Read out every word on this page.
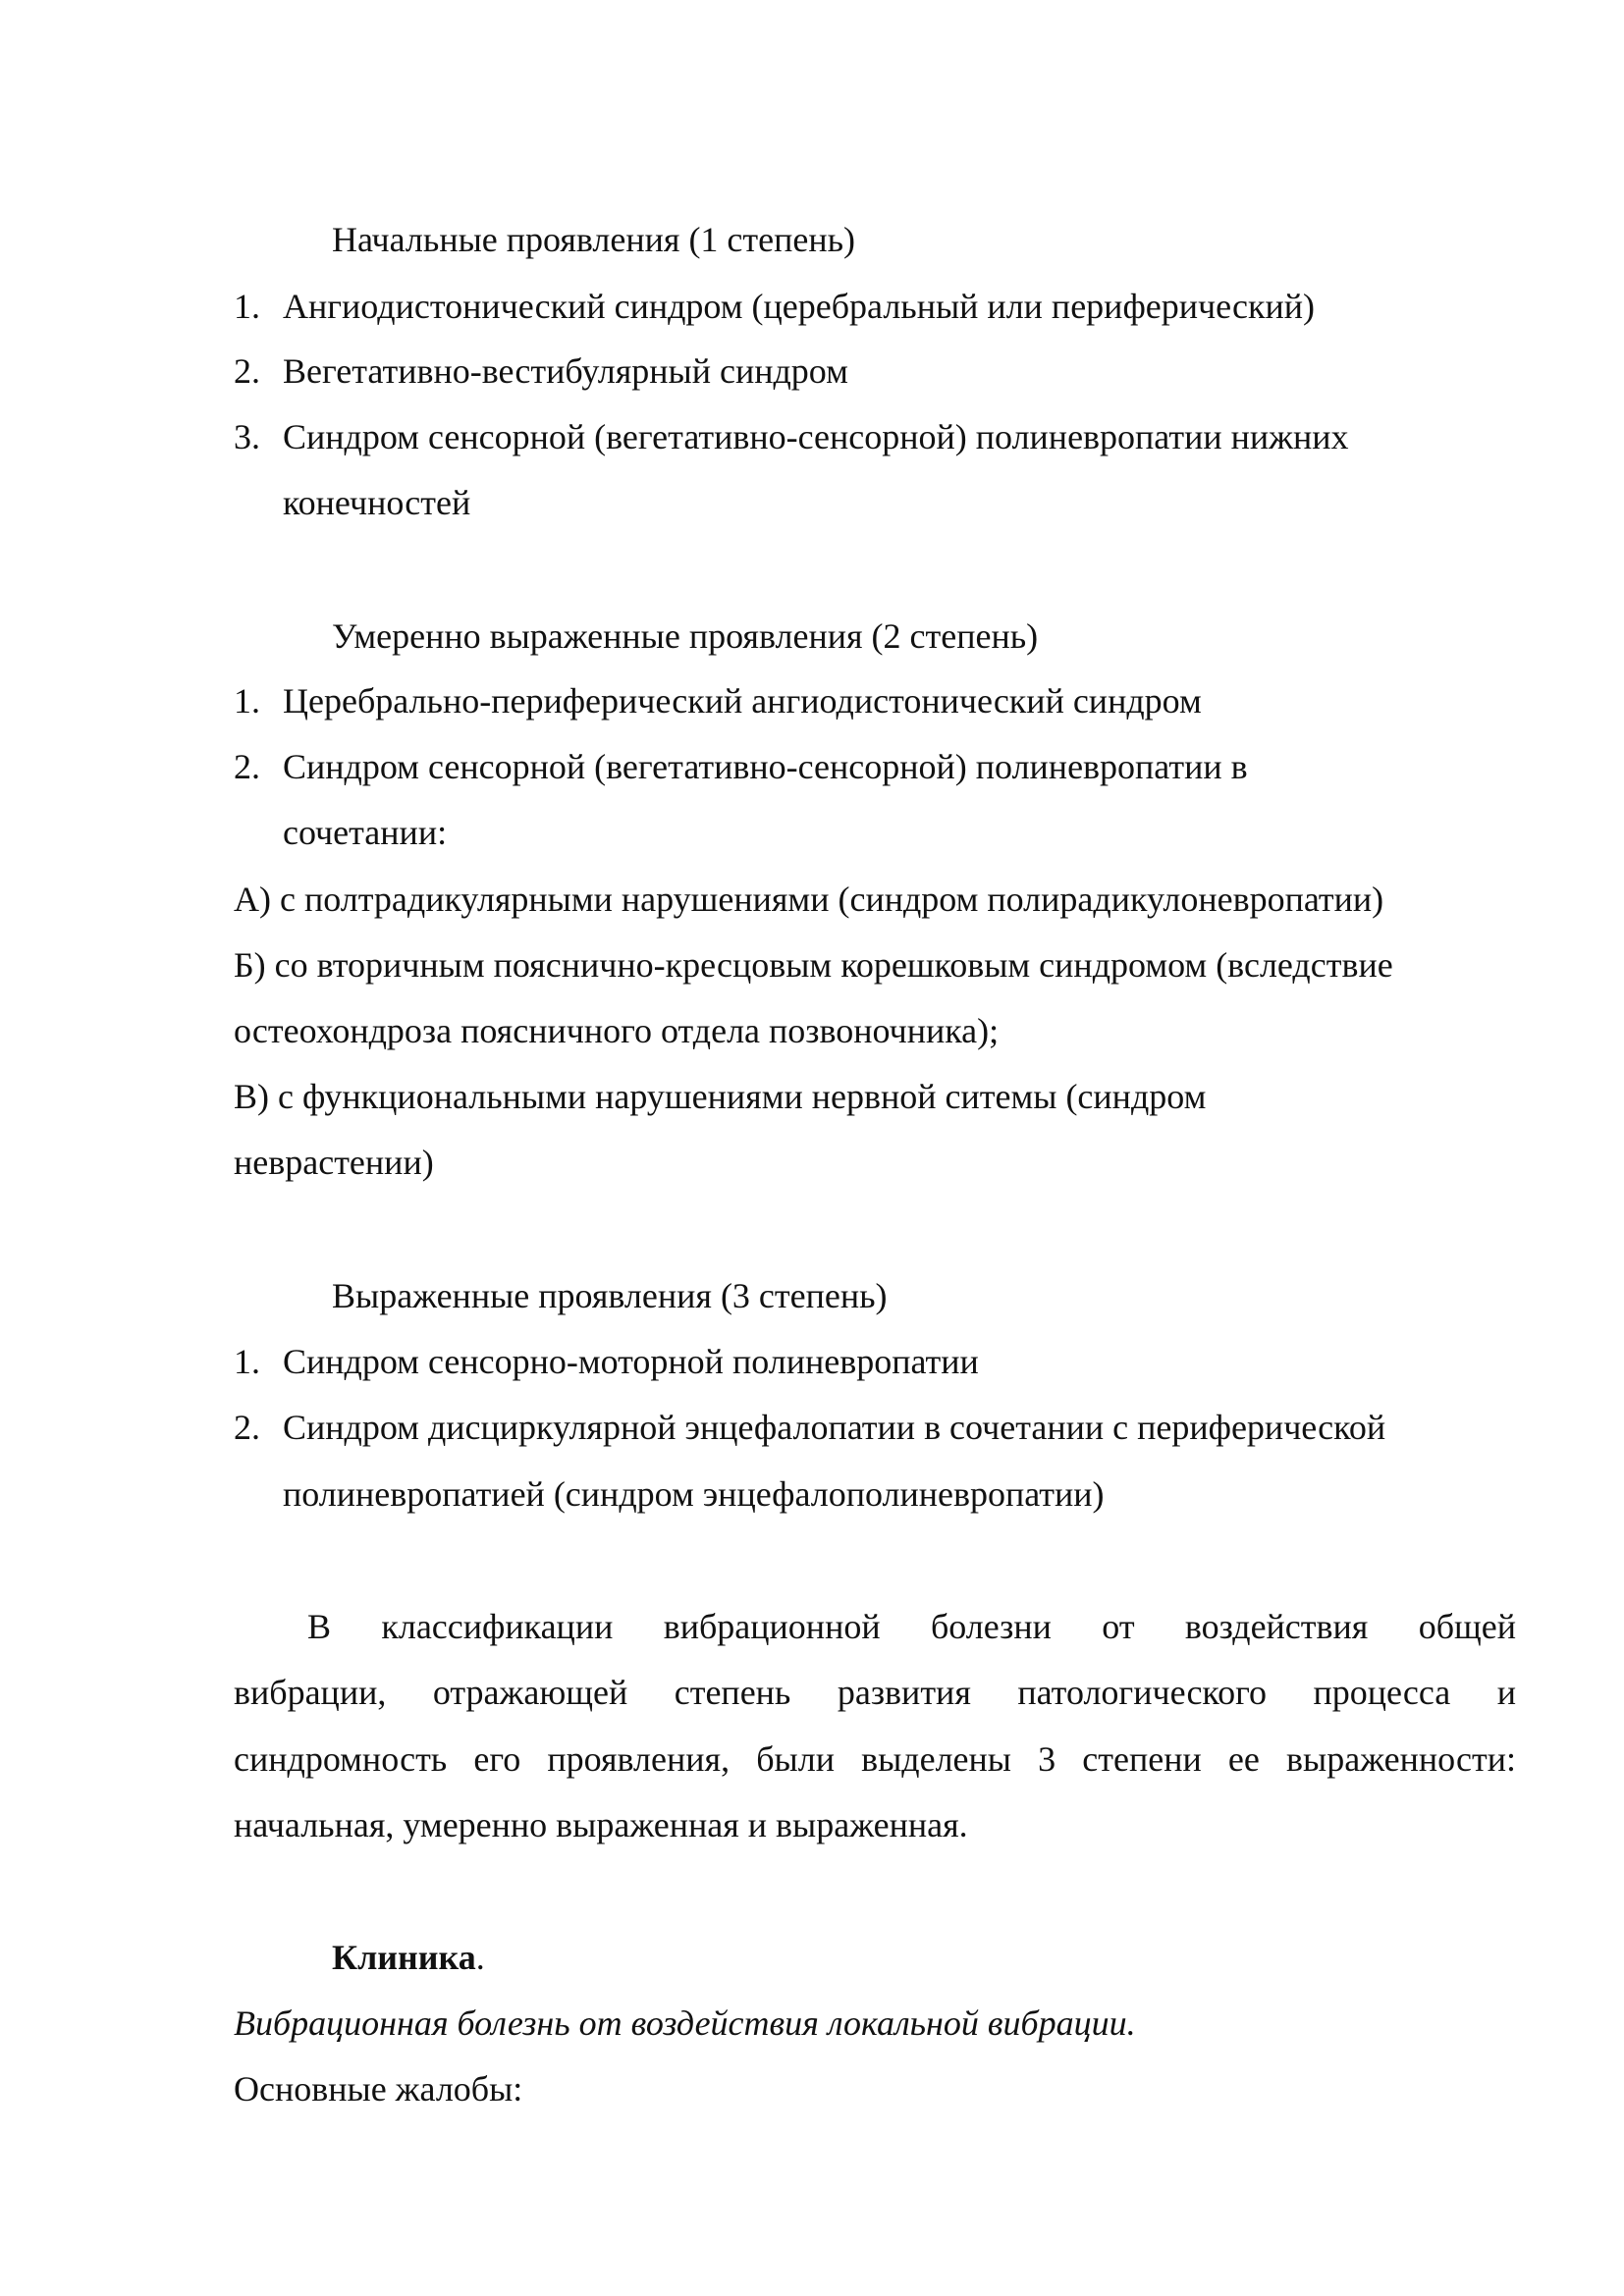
Начальные проявления (1 степень)
1. Ангиодистонический синдром (церебральный или периферический)
2. Вегетативно-вестибулярный синдром
3. Синдром сенсорной (вегетативно-сенсорной) полиневропатии нижних
конечностей
Умеренно выраженные проявления (2 степень)
1. Церебрально-периферический ангиодистонический синдром
2. Синдром сенсорной (вегетативно-сенсорной) полиневропатии в
сочетании:
А) с полтрадикулярными нарушениями (синдром полирадикулоневропатии)
Б) со вторичным пояснично-кресцовым корешковым синдромом (вследствие
остеохондроза поясничного отдела позвоночника);
В) с функциональными нарушениями нервной ситемы (синдром
неврастении)
Выраженные проявления (3 степень)
1. Синдром сенсорно-моторной полиневропатии
2. Синдром дисциркулярной энцефалопатии в сочетании с периферической
полиневропатией (синдром энцефалополиневропатии)
В классификации вибрационной болезни от воздействия общей
вибрации, отражающей степень развития патологического процесса и
синдромность его проявления, были выделены 3 степени ее выраженности:
начальная, умеренно выраженная и выраженная.
Клиника.
Вибрационная болезнь от воздействия локальной вибрации.
Основные жалобы:
